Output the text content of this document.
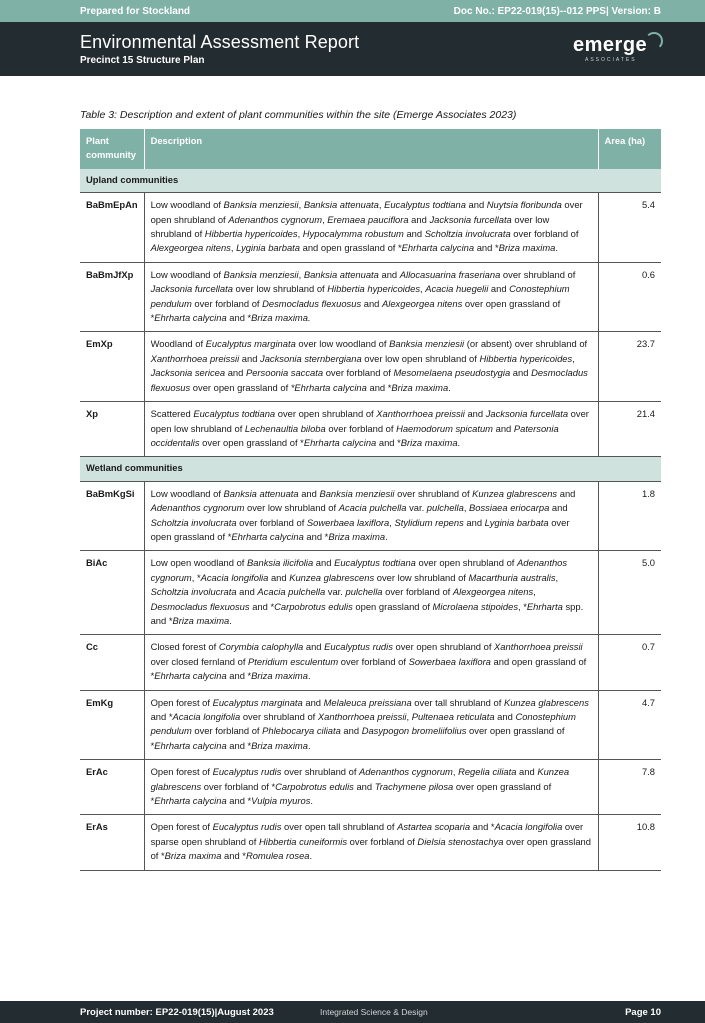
Prepared for Stockland	Doc No.: EP22-019(15)--012 PPS| Version: B
Environmental Assessment Report
Precinct 15 Structure Plan
emerge
ASSOCIATES
Table 3: Description and extent of plant communities within the site (Emerge Associates 2023)
Plant community	Description	Area (ha)
Upland communities		
BaBmEpAn	Low woodland of Banksia menziesii, Banksia attenuata, Eucalyptus todtiana and Nuytsia floribunda over open shrubland of Adenanthos cygnorum, Eremaea pauciflora and Jacksonia furcellata over low shrubland of Hibbertia hypericoides, Hypocalymma robustum and Scholtzia involucrata over forbland of Alexgeorgea nitens, Lyginia barbata and open grassland of *Ehrharta calycina and *Briza maxima.	5.4
BaBmJfXp	Low woodland of Banksia menziesii, Banksia attenuata and Allocasuarina fraseriana over shrubland of Jacksonia furcellata over low shrubland of Hibbertia hypericoides, Acacia huegelii and Conostephium pendulum over forbland of Desmocladus flexuosus and Alexgeorgea nitens over open grassland of *Ehrharta calycina and *Briza maxima.	0.6
EmXp	Woodland of Eucalyptus marginata over low woodland of Banksia menziesii (or absent) over shrubland of Xanthorrhoea preissii and Jacksonia sternbergiana over low open shrubland of Hibbertia hypericoides, Jacksonia sericea and Persoonia saccata over forbland of Mesomelaena pseudostygia and Desmocladus flexuosus over open grassland of *Ehrharta calycina and *Briza maxima.	23.7
Xp	Scattered Eucalyptus todtiana over open shrubland of Xanthorrhoea preissii and Jacksonia furcellata over open low shrubland of Lechenaultia biloba over forbland of Haemodorum spicatum and Patersonia occidentalis over open grassland of *Ehrharta calycina and *Briza maxima.	21.4
Wetland communities		
BaBmKgSi	Low woodland of Banksia attenuata and Banksia menziesii over shrubland of Kunzea glabrescens and Adenanthos cygnorum over low shrubland of Acacia pulchella var. pulchella, Bossiaea eriocarpa and Scholtzia involucrata over forbland of Sowerbaea laxiflora, Stylidium repens and Lyginia barbata over open grassland of *Ehrharta calycina and *Briza maxima.	1.8
BiAc	Low open woodland of Banksia ilicifolia and Eucalyptus todtiana over open shrubland of Adenanthos cygnorum, *Acacia longifolia and Kunzea glabrescens over low shrubland of Macarthuria australis, Scholtzia involucrata and Acacia pulchella var. pulchella over forbland of Alexgeorgea nitens, Desmocladus flexuosus and *Carpobrotus edulis open grassland of Microlaena stipoides, *Ehrharta spp. and *Briza maxima.	5.0
Cc	Closed forest of Corymbia calophylla and Eucalyptus rudis over open shrubland of Xanthorrhoea preissii over closed fernland of Pteridium esculentum over forbland of Sowerbaea laxiflora and open grassland of *Ehrharta calycina and *Briza maxima.	0.7
EmKg	Open forest of Eucalyptus marginata and Melaleuca preissiana over tall shrubland of Kunzea glabrescens and *Acacia longifolia over shrubland of Xanthorrhoea preissii, Pultenaea reticulata and Conostephium pendulum over forbland of Phlebocarya ciliata and Dasypogon bromeliifolius over open grassland of *Ehrharta calycina and *Briza maxima.	4.7
ErAc	Open forest of Eucalyptus rudis over shrubland of Adenanthos cygnorum, Regelia ciliata and Kunzea glabrescens over forbland of *Carpobrotus edulis and Trachymene pilosa over open grassland of *Ehrharta calycina and *Vulpia myuros.	7.8
ErAs	Open forest of Eucalyptus rudis over open tall shrubland of Astartea scoparia and *Acacia longifolia over sparse open shrubland of Hibbertia cuneiformis over forbland of Dielsia stenostachya over open grassland of *Briza maxima and *Romulea rosea.	10.8
Project number: EP22-019(15)|August 2023	Integrated Science & Design	Page 10
